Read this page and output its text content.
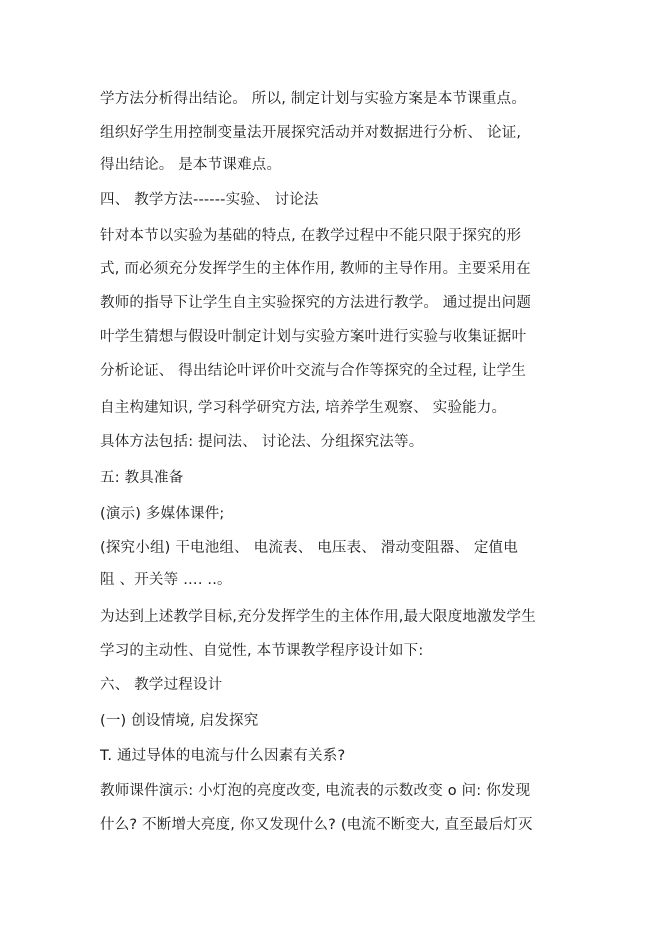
学方法分析得出结论。 所以, 制定计划与实验方案是本节课重点。
组织好学生用控制变量法开展探究活动并对数据进行分析、 论证,
得出结论。 是本节课难点。
四、 教学方法------实验、 讨论法
针对本节以实验为基础的特点, 在教学过程中不能只限于探究的形
式, 而必须充分发挥学生的主体作用, 教师的主导作用。主要采用在
教师的指导下让学生自主实验探究的方法进行教学。 通过提出问题
叶学生猜想与假设叶制定计划与实验方案叶进行实验与收集证据叶
分析论证、 得出结论叶评价叶交流与合作等探究的全过程, 让学生
自主构建知识, 学习科学研究方法, 培养学生观察、 实验能力。
具体方法包括: 提问法、 讨论法、分组探究法等。
五: 教具准备
(演示) 多媒体课件;
(探究小组) 干电池组、 电流表、 电压表、 滑动变阻器、 定值电
阻 、开关等 …. ..。
为达到上述教学目标,充分发挥学生的主体作用,最大限度地激发学生
学习的主动性、自觉性, 本节课教学程序设计如下:
六、 教学过程设计
(一) 创设情境, 启发探究
T. 通过导体的电流与什么因素有关系?
教师课件演示: 小灯泡的亮度改变, 电流表的示数改变 o 问: 你发现
什么? 不断增大亮度, 你又发现什么? (电流不断变大, 直至最后灯灭
